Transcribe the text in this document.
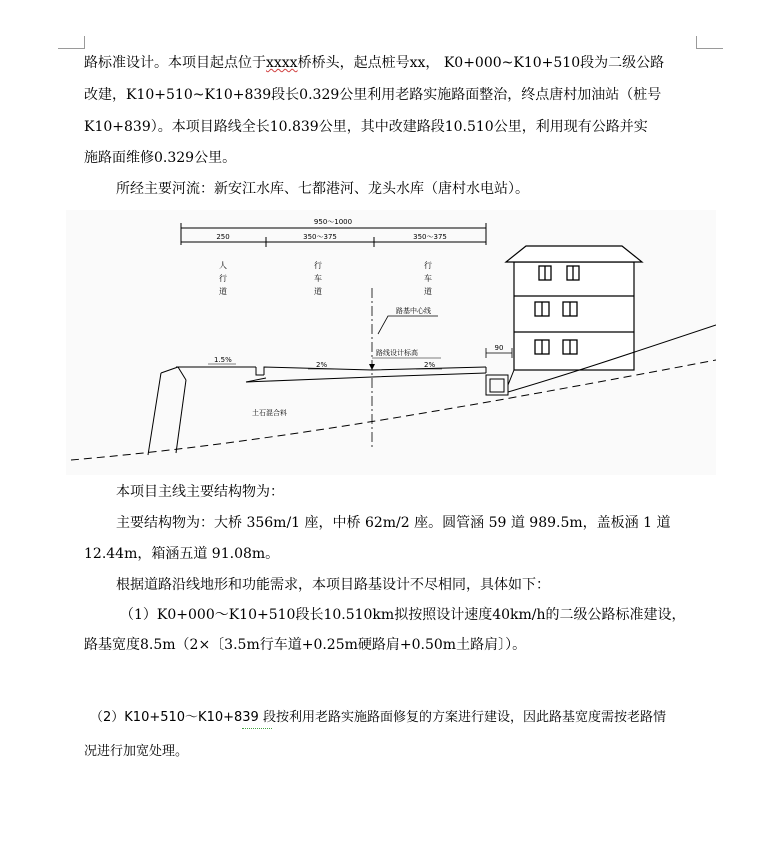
路标准设计。本项目起点位于xxxx桥桥头，起点桩号xx， K0+000~K10+510段为二级公路
改建，K10+510~K10+839段长0.329公里利用老路实施路面整治，终点唐村加油站（桩号
K10+839）。本项目路线全长10.839公里，其中改建路段10.510公里，利用现有公路并实
施路面维修0.329公里。
所经主要河流：新安江水库、七都港河、龙头水库（唐村水电站）。
950～1000
250	350～375	350～375
人
行
道
行
车
道
行
车
道
路基中心线
路线设计标高
1.5%
2%	2%
90
土石混合料
本项目主线主要结构物为：
主要结构物为：大桥 356m/1 座，中桥 62m/2 座。圆管涵 59 道 989.5m，盖板涵 1 道
12.44m，箱涵五道 91.08m。
根据道路沿线地形和功能需求，本项目路基设计不尽相同，具体如下：
（1）K0+000～K10+510段长10.510km拟按照设计速度40km/h的二级公路标准建设，
路基宽度8.5m（2×〔3.5m行车道+0.25m硬路肩+0.50m土路肩〕）。
（2）K10+510～K10+839 段按利用老路实施路面修复的方案进行建设，因此路基宽度需按老路情
况进行加宽处理。
